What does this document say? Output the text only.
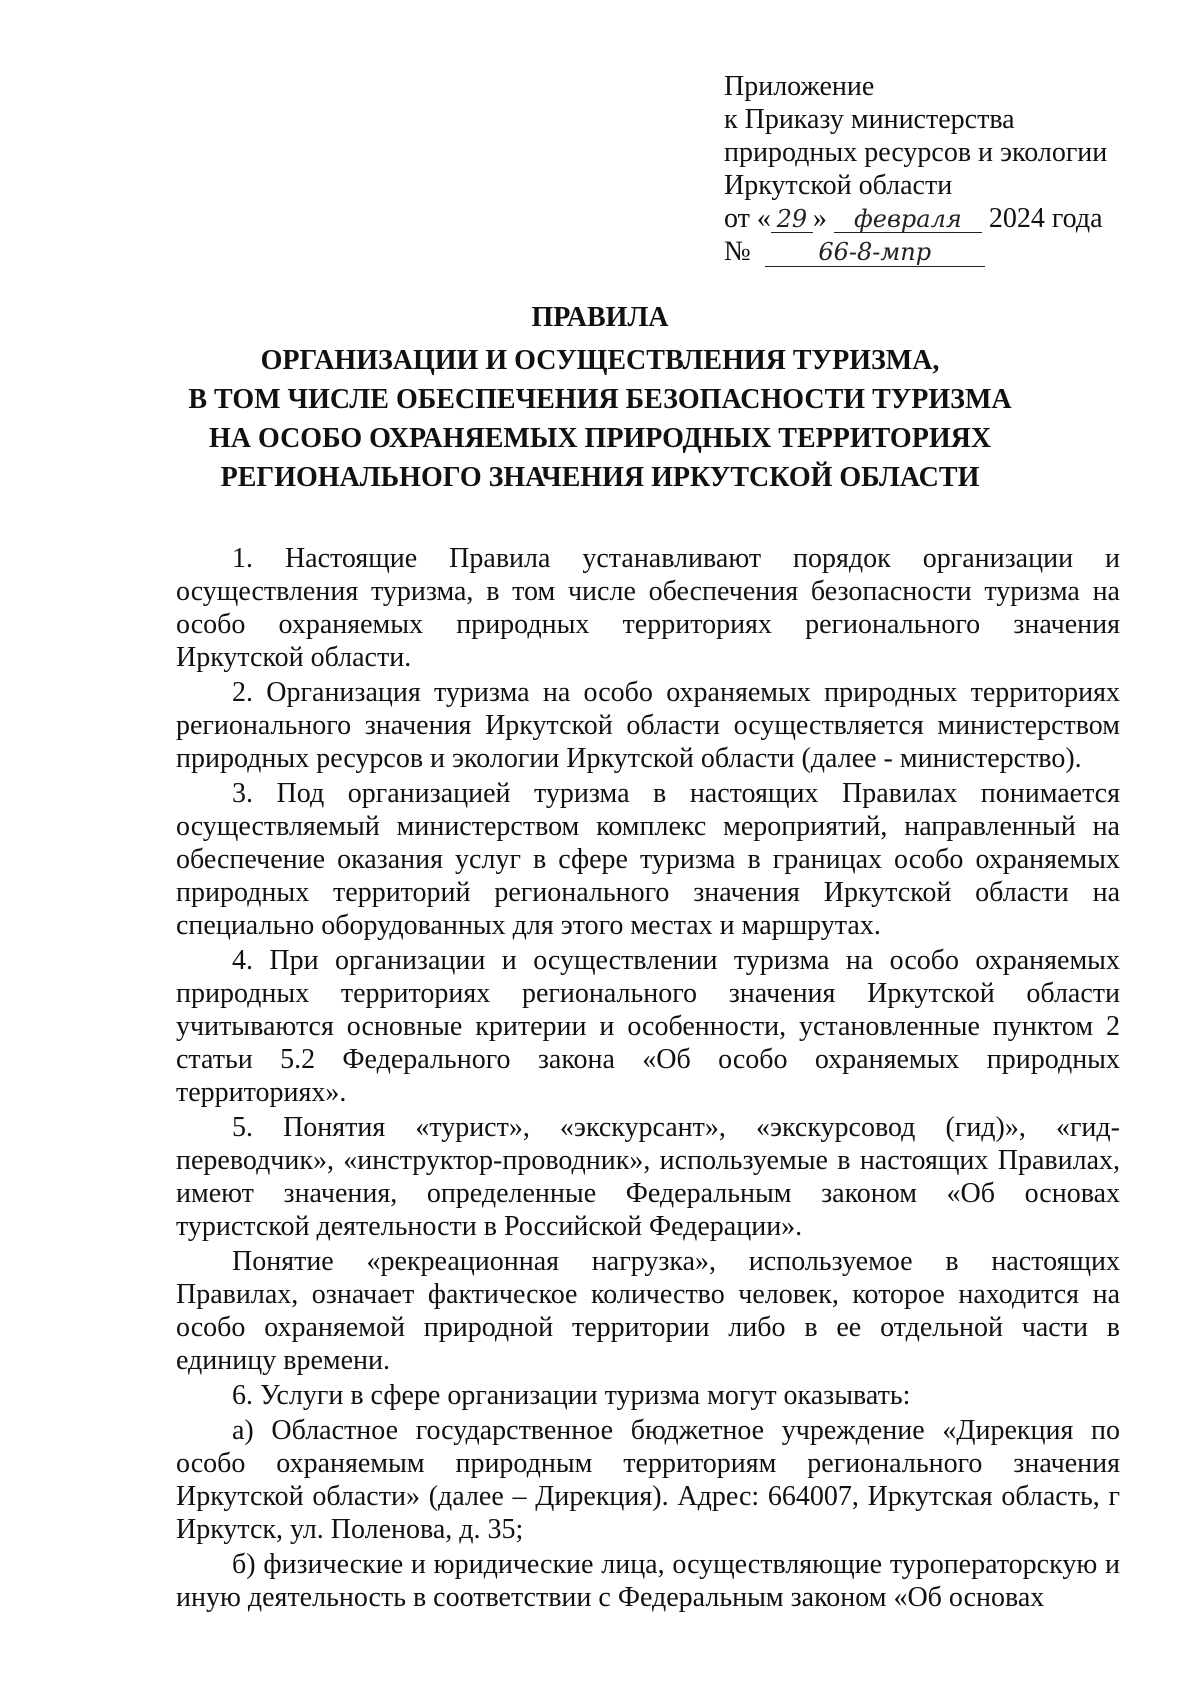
Приложение
к Приказу министерства
природных ресурсов и экологии
Иркутской области
от « 29 » февраля 2024 года
№	66-8-мпр
ПРАВИЛА
ОРГАНИЗАЦИИ И ОСУЩЕСТВЛЕНИЯ ТУРИЗМА,
В ТОМ ЧИСЛЕ ОБЕСПЕЧЕНИЯ БЕЗОПАСНОСТИ ТУРИЗМА
НА ОСОБО ОХРАНЯЕМЫХ ПРИРОДНЫХ ТЕРРИТОРИЯХ
РЕГИОНАЛЬНОГО ЗНАЧЕНИЯ ИРКУТСКОЙ ОБЛАСТИ

1. Настоящие Правила устанавливают порядок организации и осуществления туризма, в том числе обеспечения безопасности туризма на особо охраняемых природных территориях регионального значения Иркутской области.

2. Организация туризма на особо охраняемых природных территориях регионального значения Иркутской области осуществляется министерством природных ресурсов и экологии Иркутской области (далее - министерство).

3. Под организацией туризма в настоящих Правилах понимается осуществляемый министерством комплекс мероприятий, направленный на обеспечение оказания услуг в сфере туризма в границах особо охраняемых природных территорий регионального значения Иркутской области на специально оборудованных для этого местах и маршрутах.

4. При организации и осуществлении туризма на особо охраняемых природных территориях регионального значения Иркутской области учитываются основные критерии и особенности, установленные пунктом 2 статьи 5.2 Федерального закона «Об особо охраняемых природных территориях».

5. Понятия «турист», «экскурсант», «экскурсовод (гид)», «гид-переводчик», «инструктор-проводник», используемые в настоящих Правилах, имеют значения, определенные Федеральным законом «Об основах туристской деятельности в Российской Федерации».

Понятие «рекреационная нагрузка», используемое в настоящих Правилах, означает фактическое количество человек, которое находится на особо охраняемой природной территории либо в ее отдельной части в единицу времени.

6. Услуги в сфере организации туризма могут оказывать:

а) Областное государственное бюджетное учреждение «Дирекция по особо охраняемым природным территориям регионального значения Иркутской области» (далее – Дирекция). Адрес: 664007, Иркутская область, г Иркутск, ул. Поленова, д. 35;

б) физические и юридические лица, осуществляющие туроператорскую и иную деятельность в соответствии с Федеральным законом «Об основах
